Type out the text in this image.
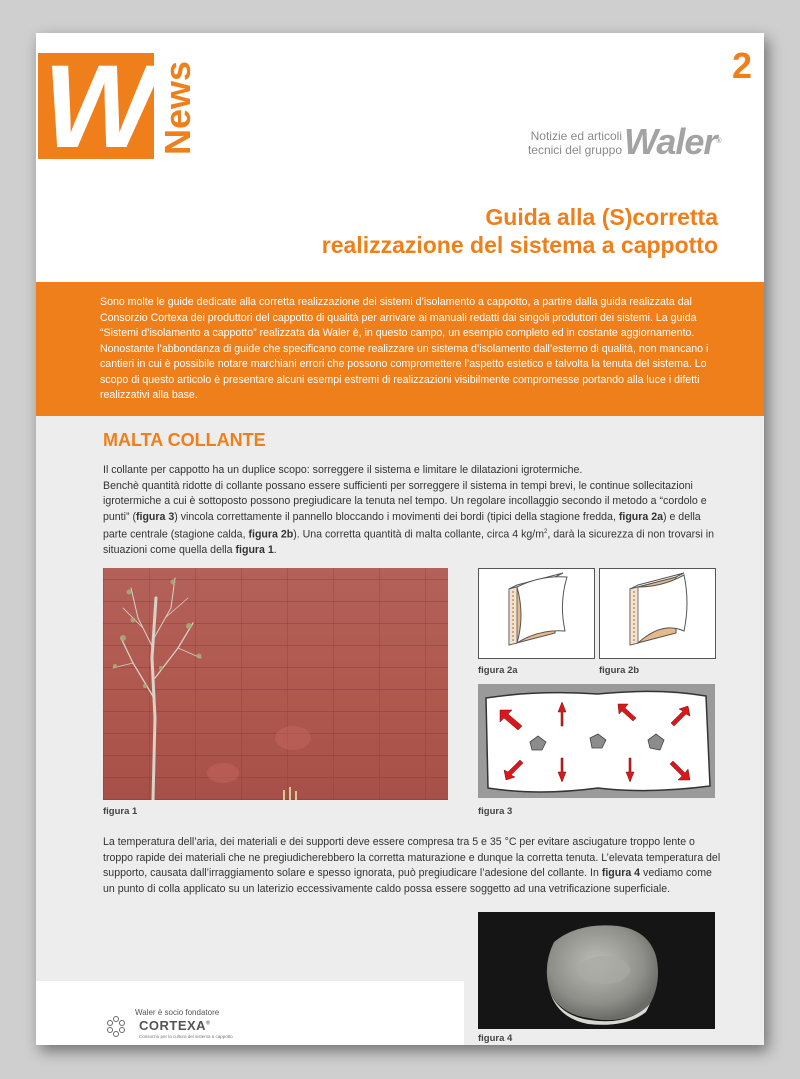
W News	2
Notizie ed articoli
tecnici del gruppo Waler®
Guida alla (S)corretta
realizzazione del sistema a cappotto

Sono molte le guide dedicate alla corretta realizzazione dei sistemi d’isolamento a cappotto, a partire dalla guida realizzata dal Consorzio Cortexa dei produttori del cappotto di qualità per arrivare ai manuali redatti dai singoli produttori dei sistemi. La guida “Sistemi d’isolamento a cappotto” realizzata da Waler è, in questo campo, un esempio completo ed in costante aggiornamento. Nonostante l’abbondanza di guide che specificano come realizzare un sistema d’isolamento dall’esterno di qualità, non mancano i cantieri in cui è possibile notare marchiani errori che possono compromettere l’aspetto estetico e talvolta la tenuta del sistema. Lo scopo di questo articolo è presentare alcuni esempi estremi di realizzazioni visibilmente compromesse portando alla luce i difetti realizzativi alla base.

MALTA COLLANTE
Il collante per cappotto ha un duplice scopo: sorreggere il sistema e limitare le dilatazioni igrotermiche.
Benchè quantità ridotte di collante possano essere sufficienti per sorreggere il sistema in tempi brevi, le continue sollecitazioni igrotermiche a cui è sottoposto possono pregiudicare la tenuta nel tempo. Un regolare incollaggio secondo il metodo a “cordolo e punti” (figura 3) vincola correttamente il pannello bloccando i movimenti dei bordi (tipici della stagione fredda, figura 2a) e della parte centrale (stagione calda, figura 2b). Una corretta quantità di malta collante, circa 4 $kg/m^2$, darà la sicurezza di non trovarsi in situazioni come quella della figura 1.
figura 1
figura 2a	figura 2b
figura 3
La temperatura dell’aria, dei materiali e dei supporti deve essere compresa tra 5 e 35 °C per evitare asciugature troppo lente o troppo rapide dei materiali che ne pregiudicherebbero la corretta maturazione e dunque la corretta tenuta. L’elevata temperatura del supporto, causata dall’irraggiamento solare e spesso ignorata, può pregiudicare l’adesione del collante. In figura 4 vediamo come un punto di colla applicato su un laterizio eccessivamente caldo possa essere soggetto ad una vetrificazione superficiale.
Waler è socio fondatore
CORTEXA®
Consorzio per la cultura del sistema a cappotto	figura 4
